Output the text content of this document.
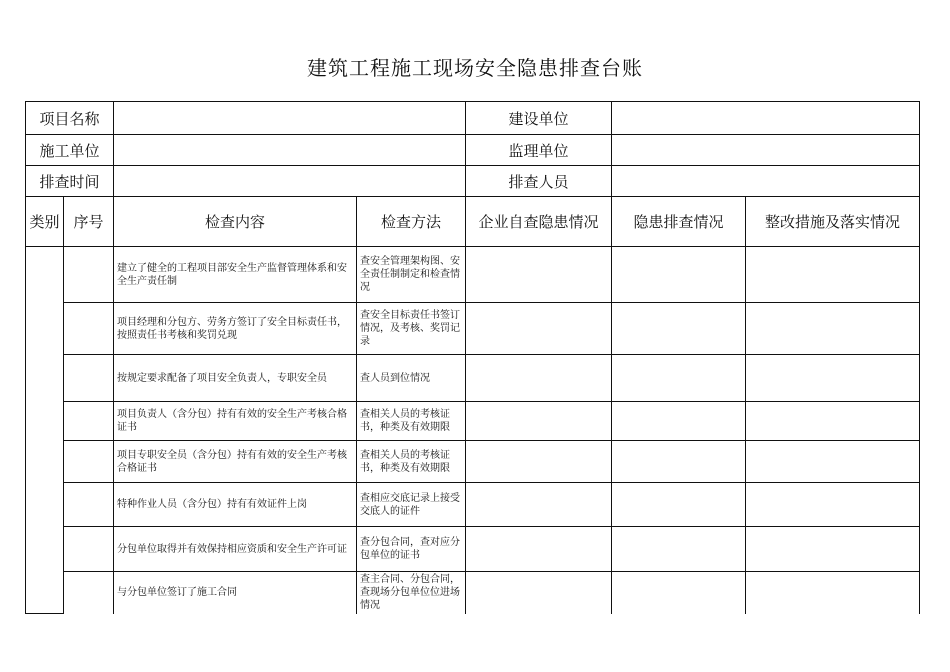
建筑工程施工现场安全隐患排查台账
项目名称				建设单位		
施工单位				监理单位		
排查时间				排查人员		
类别	序号	检查内容	检查方法	企业自查隐患情况	隐患排查情况	整改措施及落实情况
		建立了健全的工程项目部安全生产监督管理体系和安全生产责任制	查安全管理架构图、安全责任制制定和检查情况			
		项目经理和分包方、劳务方签订了安全目标责任书，按照责任书考核和奖罚兑现	查安全目标责任书签订情况，及考核、奖罚记录			
		按规定要求配备了项目安全负责人，专职安全员	查人员到位情况			
		项目负责人（含分包）持有有效的安全生产考核合格证书	查相关人员的考核证书，种类及有效期限			
		项目专职安全员（含分包）持有有效的安全生产考核合格证书	查相关人员的考核证书，种类及有效期限			
		特种作业人员（含分包）持有有效证件上岗	查相应交底记录上接受交底人的证件			
		分包单位取得并有效保持相应资质和安全生产许可证	查分包合同，查对应分包单位的证书			
		与分包单位签订了施工合同	查主合同、分包合同，查现场分包单位位进场情况			
